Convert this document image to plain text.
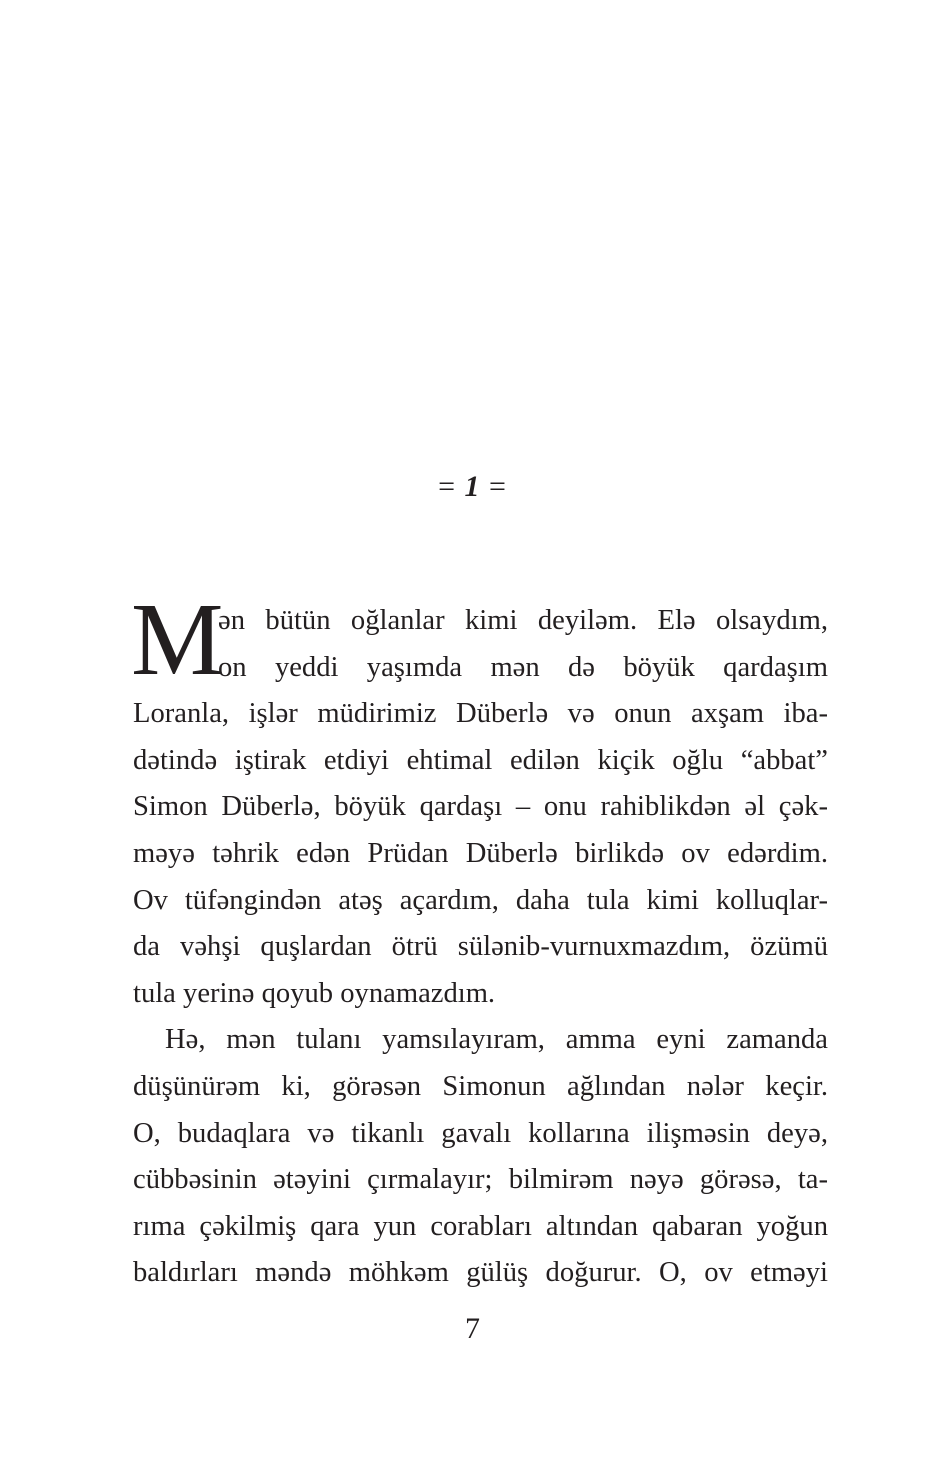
= 1 =

M
ən bütün oğlanlar kimi deyiləm. Elə olsaydım,
on yeddi yaşımda mən də böyük qardaşım
Loranla, işlər müdirimiz Düberlə və onun axşam iba-
dətində iştirak etdiyi ehtimal edilən kiçik oğlu “abbat”
Simon Düberlə, böyük qardaşı – onu rahiblikdən əl çək-
məyə təhrik edən Prüdan Düberlə birlikdə ov edərdim.
Ov tüfəngindən atəş açardım, daha tula kimi kolluqlar-
da vəhşi quşlardan ötrü sülənib-vurnuxmazdım, özümü
tula yerinə qoyub oynamazdım.

Hə, mən tulanı yamsılayıram, amma eyni zamanda
düşünürəm ki, görəsən Simonun ağlından nələr keçir.
O, budaqlara və tikanlı gavalı kollarına ilişməsin deyə,
cübbəsinin ətəyini çırmalayır; bilmirəm nəyə görəsə, ta-
rıma çəkilmiş qara yun corabları altından qabaran yoğun
baldırları məndə möhkəm gülüş doğurur. O, ov etməyi

7
